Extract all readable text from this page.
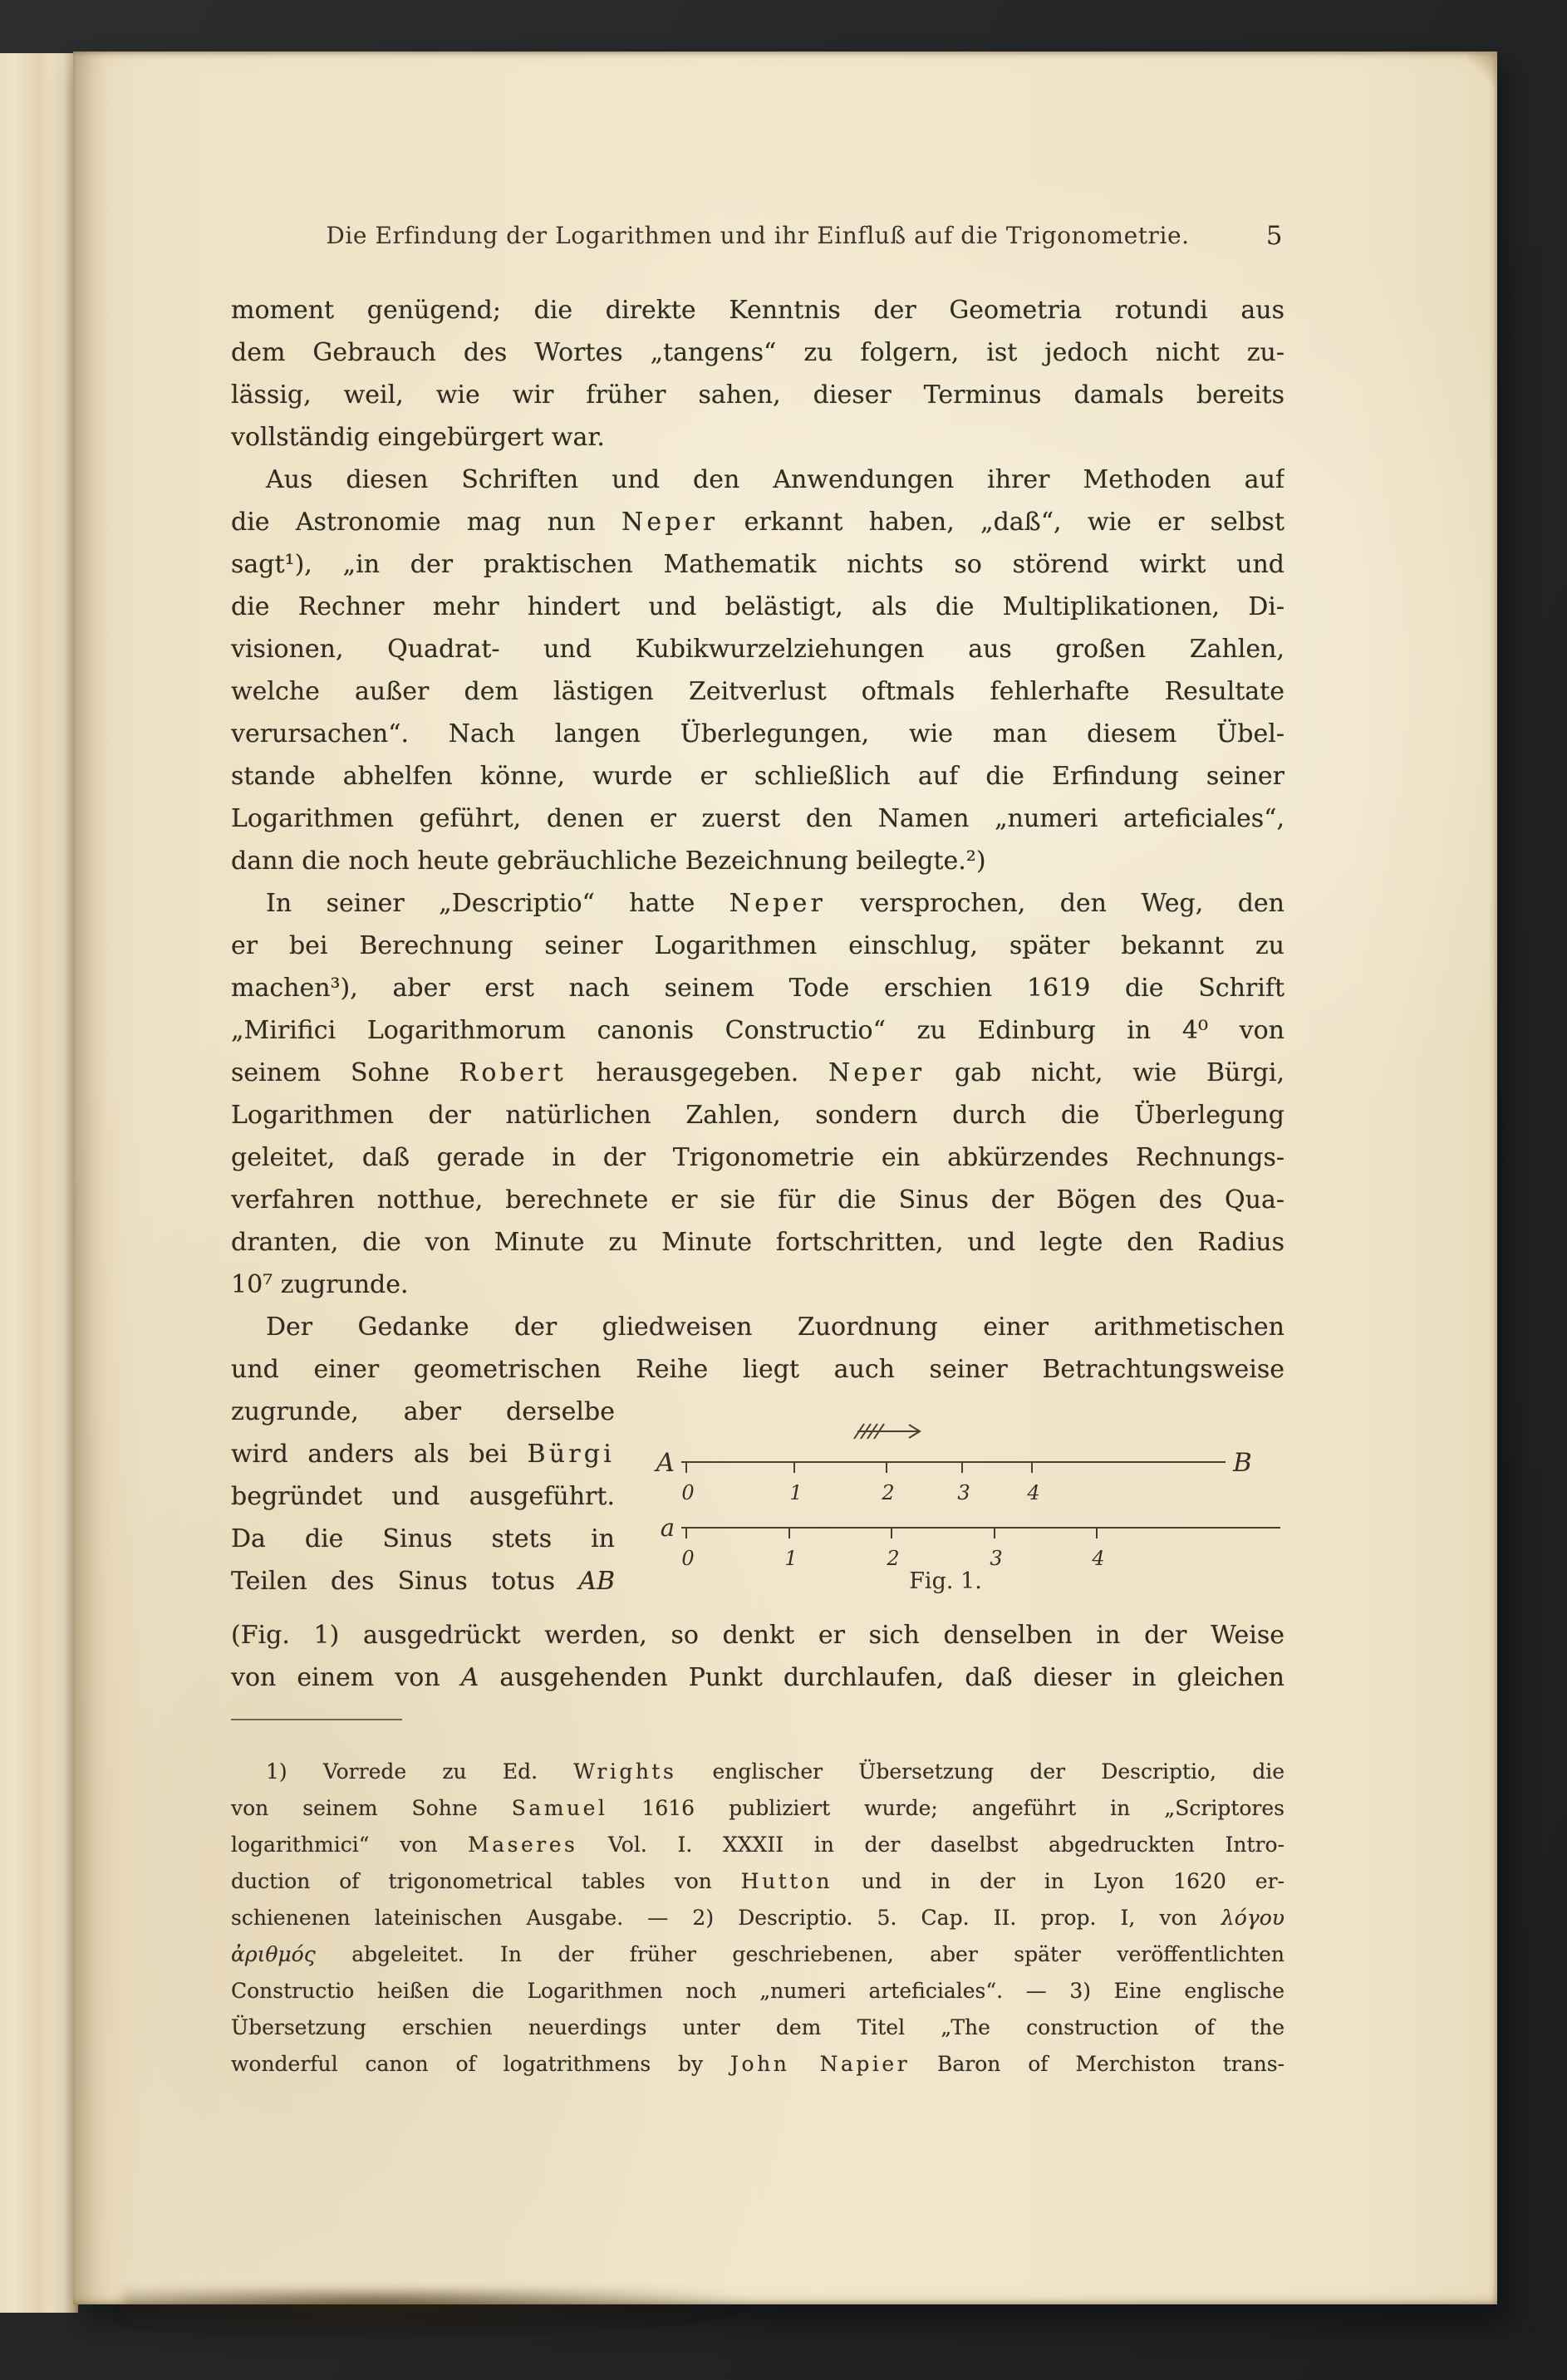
Die Erfindung der Logarithmen und ihr Einfluß auf die Trigonometrie.	5
moment genügend; die direkte Kenntnis der Geometria rotundi aus
dem Gebrauch des Wortes „tangens“ zu folgern, ist jedoch nicht zu-
lässig, weil, wie wir früher sahen, dieser Terminus damals bereits
vollständig eingebürgert war.
Aus diesen Schriften und den Anwendungen ihrer Methoden auf
die Astronomie mag nun Neper erkannt haben, „daß“, wie er selbst
sagt¹), „in der praktischen Mathematik nichts so störend wirkt und
die Rechner mehr hindert und belästigt, als die Multiplikationen, Di-
visionen, Quadrat- und Kubikwurzelziehungen aus großen Zahlen,
welche außer dem lästigen Zeitverlust oftmals fehlerhafte Resultate
verursachen“. Nach langen Überlegungen, wie man diesem Übel-
stande abhelfen könne, wurde er schließlich auf die Erfindung seiner
Logarithmen geführt, denen er zuerst den Namen „numeri arteficiales“,
dann die noch heute gebräuchliche Bezeichnung beilegte.²)
In seiner „Descriptio“ hatte Neper versprochen, den Weg, den
er bei Berechnung seiner Logarithmen einschlug, später bekannt zu
machen³), aber erst nach seinem Tode erschien 1619 die Schrift
„Mirifici Logarithmorum canonis Constructio“ zu Edinburg in 4⁰ von
seinem Sohne Robert herausgegeben. Neper gab nicht, wie Bürgi,
Logarithmen der natürlichen Zahlen, sondern durch die Überlegung
geleitet, daß gerade in der Trigonometrie ein abkürzendes Rechnungs-
verfahren notthue, berechnete er sie für die Sinus der Bögen des Qua-
dranten, die von Minute zu Minute fortschritten, und legte den Radius
10⁷ zugrunde.
Der Gedanke der gliedweisen Zuordnung einer arithmetischen
und einer geometrischen Reihe liegt auch seiner Betrachtungsweise
zugrunde, aber derselbe
wird anders als bei Bürgi
begründet und ausgeführt.
Da die Sinus stets in
Teilen des Sinus totus AB
A	B
0	1	2	3	4
a
0	1	2	3	4
Fig. 1.
(Fig. 1) ausgedrückt werden, so denkt er sich denselben in der Weise
von einem von A ausgehenden Punkt durchlaufen, daß dieser in gleichen
1) Vorrede zu Ed. Wrights englischer Übersetzung der Descriptio, die
von seinem Sohne Samuel 1616 publiziert wurde; angeführt in „Scriptores
logarithmici“ von Maseres Vol. I. XXXII in der daselbst abgedruckten Intro-
duction of trigonometrical tables von Hutton und in der in Lyon 1620 er-
schienenen lateinischen Ausgabe. — 2) Descriptio. 5. Cap. II. prop. I, von λόγου
ἀριθμός abgeleitet. In der früher geschriebenen, aber später veröffentlichten
Constructio heißen die Logarithmen noch „numeri arteficiales“. — 3) Eine englische
Übersetzung erschien neuerdings unter dem Titel „The construction of the
wonderful canon of logatrithmens by John Napier Baron of Merchiston trans-
